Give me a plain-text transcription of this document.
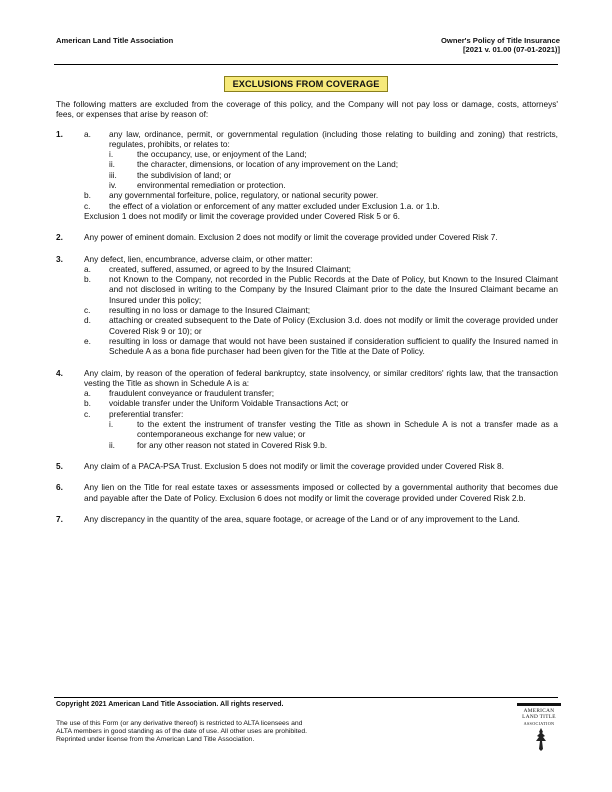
American Land Title Association	Owner's Policy of Title Insurance
[2021 v. 01.00 (07-01-2021)]
EXCLUSIONS FROM COVERAGE

The following matters are excluded from the coverage of this policy, and the Company will not pay loss or damage, costs, attorneys' fees, or expenses that arise by reason of:

1.	a. any law, ordinance, permit, or governmental regulation (including those relating to building and zoning) that restricts, regulates, prohibits, or relates to:
i.	the occupancy, use, or enjoyment of the Land;
ii.	the character, dimensions, or location of any improvement on the Land;
iii. the subdivision of land; or
iv. environmental remediation or protection.
b. any governmental forfeiture, police, regulatory, or national security power.
c. the effect of a violation or enforcement of any matter excluded under Exclusion 1.a. or 1.b.
Exclusion 1 does not modify or limit the coverage provided under Covered Risk 5 or 6.
2.	Any power of eminent domain. Exclusion 2 does not modify or limit the coverage provided under Covered Risk 7.
3.	Any defect, lien, encumbrance, adverse claim, or other matter:
a. created, suffered, assumed, or agreed to by the Insured Claimant;
b. not Known to the Company, not recorded in the Public Records at the Date of Policy, but Known to the Insured Claimant and not disclosed in writing to the Company by the Insured Claimant prior to the date the Insured Claimant became an Insured under this policy;
c. resulting in no loss or damage to the Insured Claimant;
d. attaching or created subsequent to the Date of Policy (Exclusion 3.d. does not modify or limit the coverage provided under Covered Risk 9 or 10); or
e. resulting in loss or damage that would not have been sustained if consideration sufficient to qualify the Insured named in Schedule A as a bona fide purchaser had been given for the Title at the Date of Policy.
4.	Any claim, by reason of the operation of federal bankruptcy, state insolvency, or similar creditors' rights law, that the transaction vesting the Title as shown in Schedule A is a:
a. fraudulent conveyance or fraudulent transfer;
b. voidable transfer under the Uniform Voidable Transactions Act; or
c. preferential transfer:
i.	to the extent the instrument of transfer vesting the Title as shown in Schedule A is not a transfer made as a contemporaneous exchange for new value; or
ii.	for any other reason not stated in Covered Risk 9.b.
5.	Any claim of a PACA-PSA Trust. Exclusion 5 does not modify or limit the coverage provided under Covered Risk 8.
6.	Any lien on the Title for real estate taxes or assessments imposed or collected by a governmental authority that becomes due and payable after the Date of Policy. Exclusion 6 does not modify or limit the coverage provided under Covered Risk 2.b.
7.	Any discrepancy in the quantity of the area, square footage, or acreage of the Land or of any improvement to the Land.
Copyright 2021 American Land Title Association. All rights reserved.
The use of this Form (or any derivative thereof) is restricted to ALTA licensees and
ALTA members in good standing as of the date of use. All other uses are prohibited.
Reprinted under license from the American Land Title Association.
AMERICAN
LAND TITLE
ASSOCIATION
